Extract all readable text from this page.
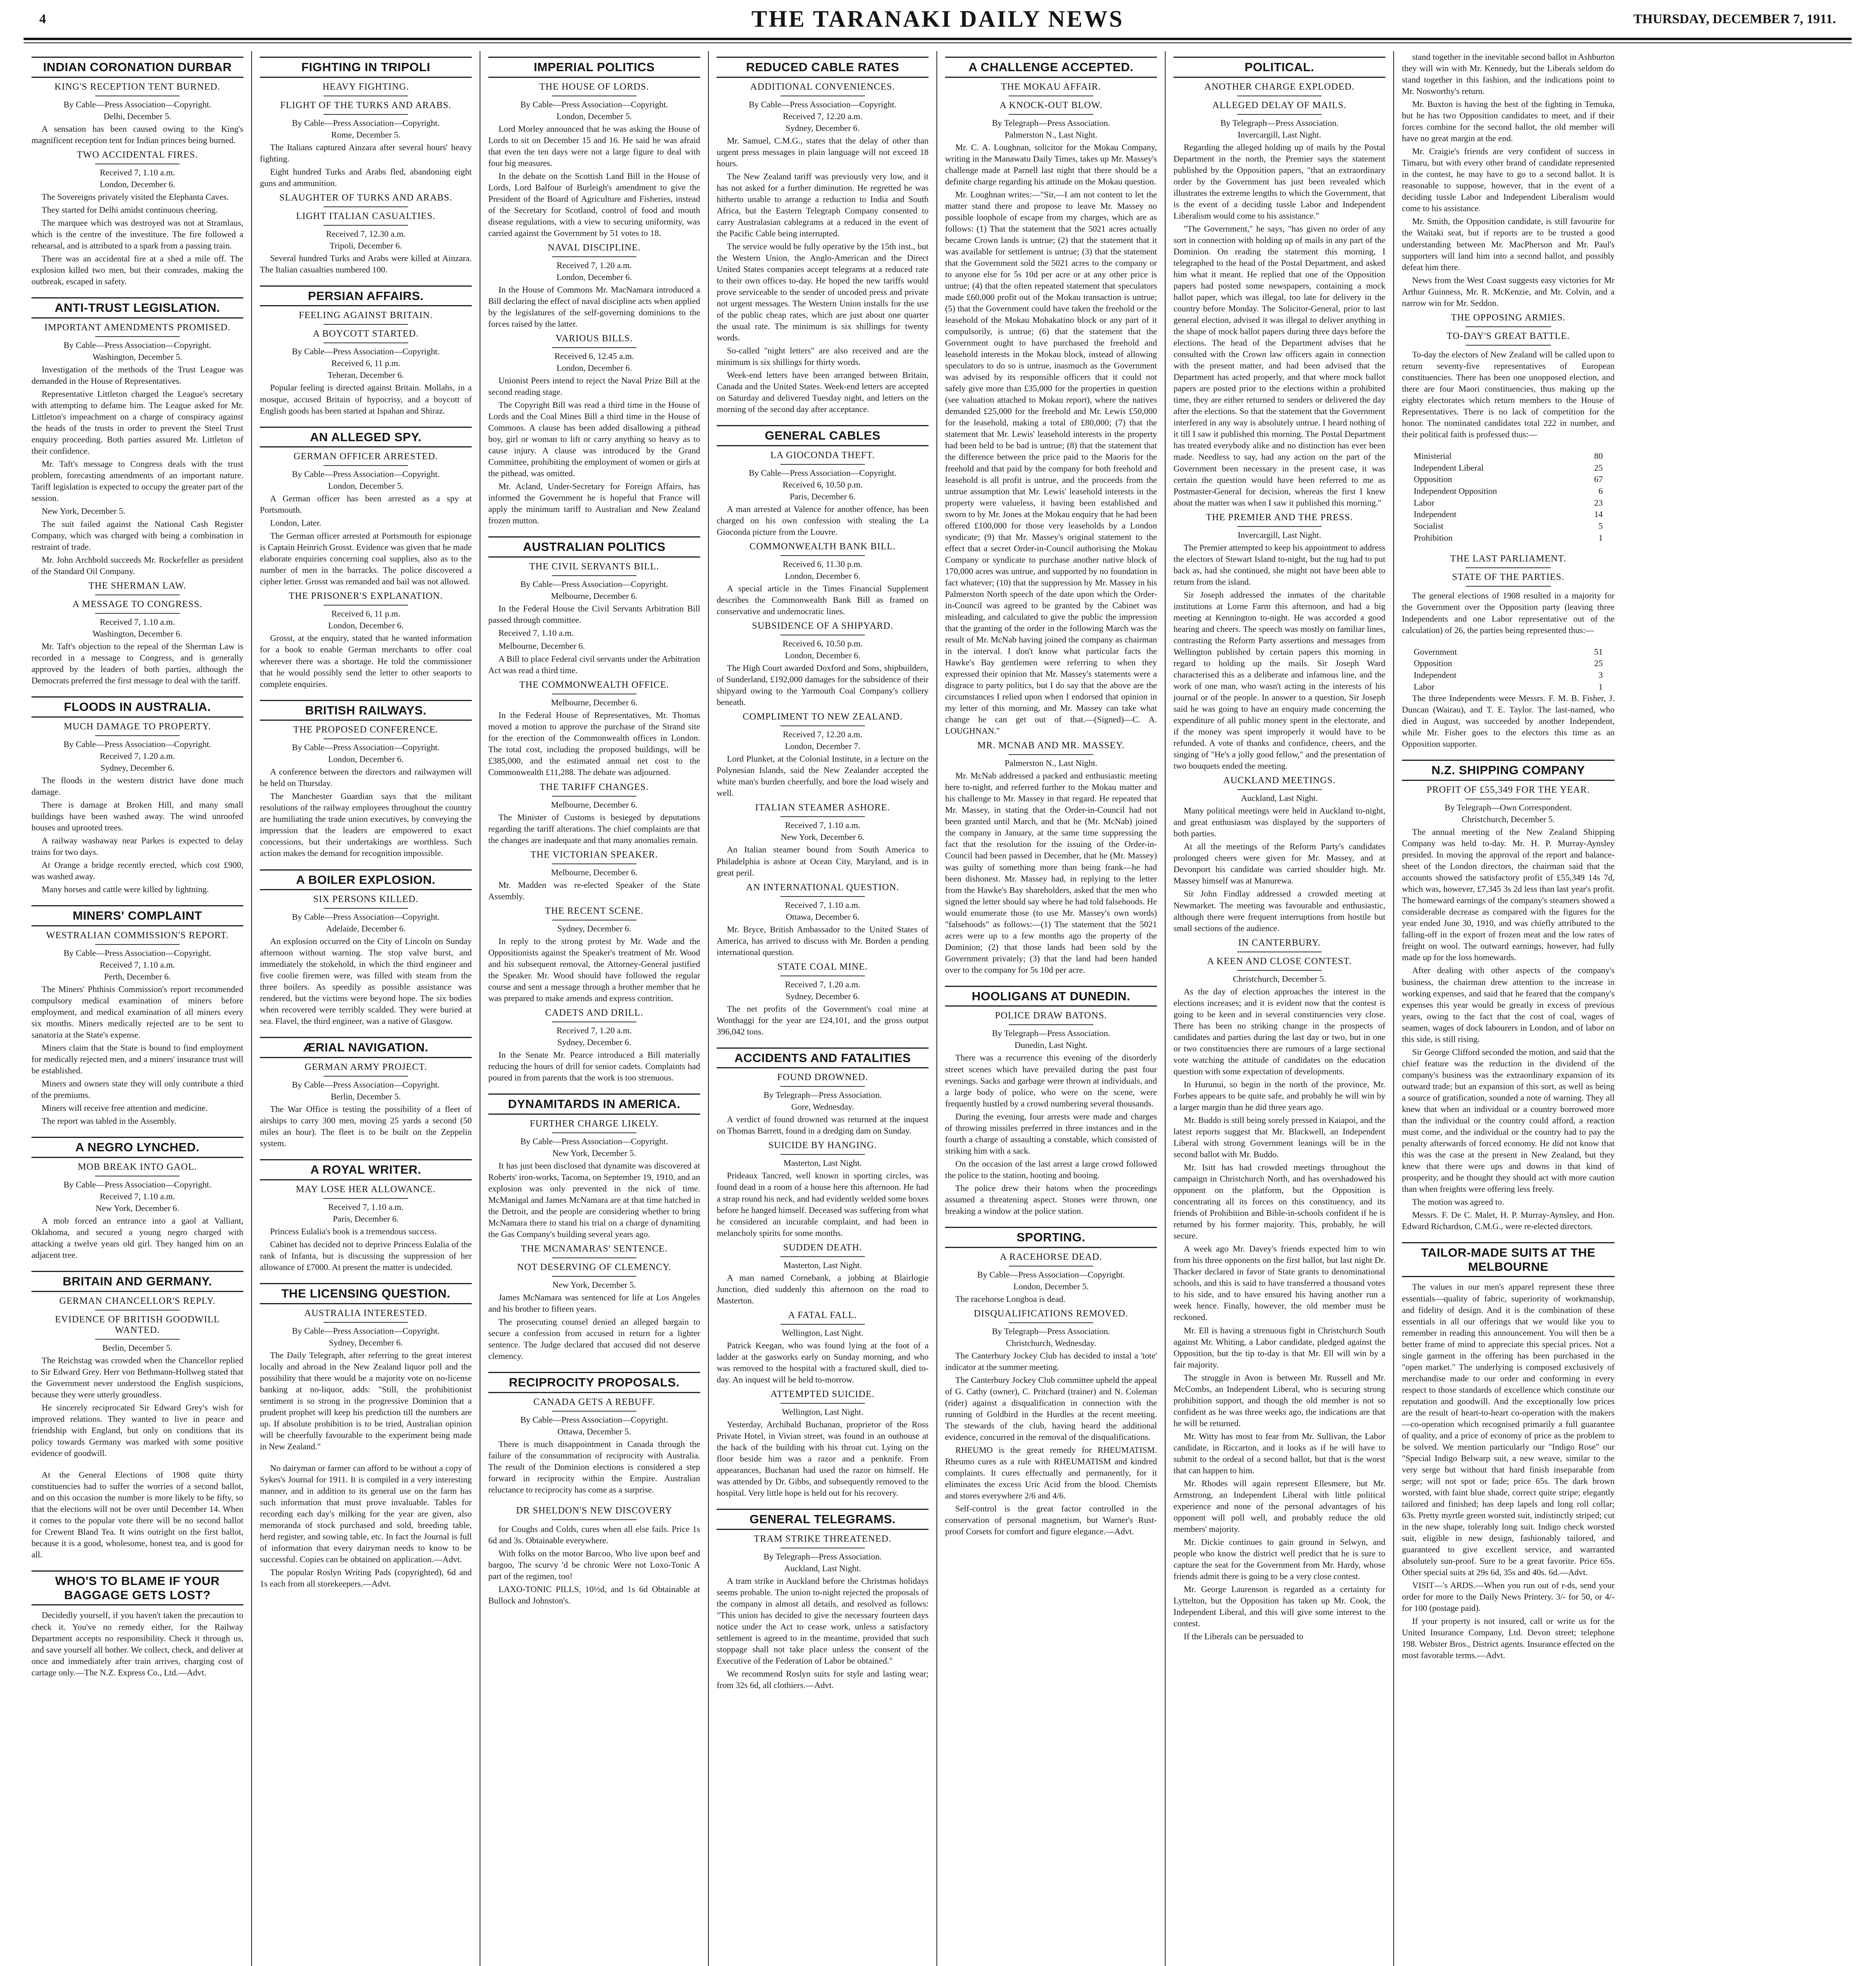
4	THE TARANAKI DAILY NEWS	THURSDAY, DECEMBER 7, 1911.
INDIAN CORONATION DURBAR
KING'S RECEPTION TENT BURNED.
By Cable—Press Association—Copyright.
Delhi, December 5.

A sensation has been caused owing to the King's magnificent reception tent for Indian princes being burned.

TWO ACCIDENTAL FIRES.
Received 7, 1.10 a.m.
London, December 6.

The Sovereigns privately visited the Elephanta Caves.

They started for Delhi amidst continuous cheering.

The marquee which was destroyed was not at Stramlaus, which is the centre of the investiture. The fire followed a rehearsal, and is attributed to a spark from a passing train.

There was an accidental fire at a shed a mile off. The explosion killed two men, but their comrades, making the outbreak, escaped in safety.

ANTI-TRUST LEGISLATION.
IMPORTANT AMENDMENTS PROMISED.
By Cable—Press Association—Copyright.
Washington, December 5.

Investigation of the methods of the Trust League was demanded in the House of Representatives.

Representative Littleton charged the League's secretary with attempting to defame him. The League asked for Mr. Littleton's impeachment on a charge of conspiracy against the heads of the trusts in order to prevent the Steel Trust enquiry proceeding. Both parties assured Mr. Littleton of their confidence.

Mr. Taft's message to Congress deals with the trust problem, forecasting amendments of an important nature. Tariff legislation is expected to occupy the greater part of the session.

New York, December 5.

The suit failed against the National Cash Register Company, which was charged with being a combination in restraint of trade.

Mr. John Archbold succeeds Mr. Rockefeller as president of the Standard Oil Company.

THE SHERMAN LAW.
A MESSAGE TO CONGRESS.
Received 7, 1.10 a.m.
Washington, December 6.

Mr. Taft's objection to the repeal of the Sherman Law is recorded in a message to Congress, and is generally approved by the leaders of both parties, although the Democrats preferred the first message to deal with the tariff.

FLOODS IN AUSTRALIA.
MUCH DAMAGE TO PROPERTY.
By Cable—Press Association—Copyright.
Received 7, 1.20 a.m.
Sydney, December 6.

The floods in the western district have done much damage.

There is damage at Broken Hill, and many small buildings have been washed away. The wind unroofed houses and uprooted trees.

A railway washaway near Parkes is expected to delay trains for two days.

At Orange a bridge recently erected, which cost £900, was washed away.

Many horses and cattle were killed by lightning.

MINERS' COMPLAINT
WESTRALIAN COMMISSION'S REPORT.
By Cable—Press Association—Copyright.
Received 7, 1.10 a.m.
Perth, December 6.

The Miners' Phthisis Commission's report recommended compulsory medical examination of miners before employment, and medical examination of all miners every six months. Miners medically rejected are to be sent to sanatoria at the State's expense.

Miners claim that the State is bound to find employment for medically rejected men, and a miners' insurance trust will be established.

Miners and owners state they will only contribute a third of the premiums.

Miners will receive free attention and medicine.

The report was tabled in the Assembly.

A NEGRO LYNCHED.
MOB BREAK INTO GAOL.
By Cable—Press Association—Copyright.
Received 7, 1.10 a.m.
New York, December 6.

A mob forced an entrance into a gaol at Valliant, Oklahoma, and secured a young negro charged with attacking a twelve years old girl. They hanged him on an adjacent tree.

BRITAIN AND GERMANY.
GERMAN CHANCELLOR'S REPLY.
EVIDENCE OF BRITISH GOODWILL WANTED.
Berlin, December 5.

The Reichstag was crowded when the Chancellor replied to Sir Edward Grey. Herr von Bethmann-Hollweg stated that the Government never understood the English suspicions, because they were utterly groundless.

He sincerely reciprocated Sir Edward Grey's wish for improved relations. They wanted to live in peace and friendship with England, but only on conditions that its policy towards Germany was marked with some positive evidence of goodwill.

At the General Elections of 1908 quite thirty constituencies had to suffer the worries of a second ballot, and on this occasion the number is more likely to be fifty, so that the elections will not be over until December 14. When it comes to the popular vote there will be no second ballot for Crewent Bland Tea. It wins outright on the first ballot, because it is a good, wholesome, honest tea, and is good for all.

WHO'S TO BLAME IF YOUR BAGGAGE GETS LOST?

Decidedly yourself, if you haven't taken the precaution to check it. You've no remedy either, for the Railway Department accepts no responsibility. Check it through us, and save yourself all bother. We collect, check, and deliver at once and immediately after train arrives, charging cost of cartage only.—The N.Z. Express Co., Ltd.—Advt.

FIGHTING IN TRIPOLI
HEAVY FIGHTING.
FLIGHT OF THE TURKS AND ARABS.
By Cable—Press Association—Copyright.
Rome, December 5.

The Italians captured Ainzara after several hours' heavy fighting.

Eight hundred Turks and Arabs fled, abandoning eight guns and ammunition.

SLAUGHTER OF TURKS AND ARABS.
LIGHT ITALIAN CASUALTIES.
Received 7, 12.30 a.m.
Tripoli, December 6.

Several hundred Turks and Arabs were killed at Ainzara. The Italian casualties numbered 100.

PERSIAN AFFAIRS.
FEELING AGAINST BRITAIN.
A BOYCOTT STARTED.
By Cable—Press Association—Copyright.
Received 6, 11 p.m.
Teheran, December 6.

Popular feeling is directed against Britain. Mollahs, in a mosque, accused Britain of hypocrisy, and a boycott of English goods has been started at Ispahan and Shiraz.

AN ALLEGED SPY.
GERMAN OFFICER ARRESTED.
By Cable—Press Association—Copyright.
London, December 5.

A German officer has been arrested as a spy at Portsmouth.

London, Later.

The German officer arrested at Portsmouth for espionage is Captain Heinrich Grosst. Evidence was given that he made elaborate enquiries concerning coal supplies, also as to the number of men in the barracks. The police discovered a cipher letter. Grosst was remanded and bail was not allowed.

THE PRISONER'S EXPLANATION.
Received 6, 11 p.m.
London, December 6.

Grosst, at the enquiry, stated that he wanted information for a book to enable German merchants to offer coal wherever there was a shortage. He told the commissioner that he would possibly send the letter to other seaports to complete enquiries.

BRITISH RAILWAYS.
THE PROPOSED CONFERENCE.
By Cable—Press Association—Copyright.
London, December 6.

A conference between the directors and railwaymen will be held on Thursday.

The Manchester Guardian says that the militant resolutions of the railway employees throughout the country are humiliating the trade union executives, by conveying the impression that the leaders are empowered to exact concessions, but their undertakings are worthless. Such action makes the demand for recognition impossible.

A BOILER EXPLOSION.
SIX PERSONS KILLED.
By Cable—Press Association—Copyright.
Adelaide, December 6.

An explosion occurred on the City of Lincoln on Sunday afternoon without warning. The stop valve burst, and immediately the stokehold, in which the third engineer and five coolie firemen were, was filled with steam from the three boilers. As speedily as possible assistance was rendered, but the victims were beyond hope. The six bodies when recovered were terribly scalded. They were buried at sea. Flavel, the third engineer, was a native of Glasgow.

ÆRIAL NAVIGATION.
GERMAN ARMY PROJECT.
By Cable—Press Association—Copyright.
Berlin, December 5.

The War Office is testing the possibility of a fleet of airships to carry 300 men, moving 25 yards a second (50 miles an hour). The fleet is to be built on the Zeppelin system.

A ROYAL WRITER.
MAY LOSE HER ALLOWANCE.
Received 7, 1.10 a.m.
Paris, December 6.

Princess Eulalia's book is a tremendous success.

Cabinet has decided not to deprive Princess Eulalia of the rank of Infanta, but is discussing the suppression of her allowance of £7000. At present the matter is undecided.

THE LICENSING QUESTION.
AUSTRALIA INTERESTED.
By Cable—Press Association—Copyright.
Sydney, December 6.

The Daily Telegraph, after referring to the great interest locally and abroad in the New Zealand liquor poll and the possibility that there would be a majority vote on no-license banking at no-liquor, adds: "Still, the prohibitionist sentiment is so strong in the progressive Dominion that a prudent prophet will keep his prediction till the numbers are up. If absolute prohibition is to be tried, Australian opinion will be cheerfully favourable to the experiment being made in New Zealand."

No dairyman or farmer can afford to be without a copy of Sykes's Journal for 1911. It is compiled in a very interesting manner, and in addition to its general use on the farm has such information that must prove invaluable. Tables for recording each day's milking for the year are given, also memoranda of stock purchased and sold, breeding table, herd register, and sowing table, etc. In fact the Journal is full of information that every dairyman needs to know to be successful. Copies can be obtained on application.—Advt.

The popular Roslyn Writing Pads (copyrighted), 6d and 1s each from all storekeepers.—Advt.

IMPERIAL POLITICS
THE HOUSE OF LORDS.
By Cable—Press Association—Copyright.
London, December 5.

Lord Morley announced that he was asking the House of Lords to sit on December 15 and 16. He said he was afraid that even the ten days were not a large figure to deal with four big measures.

In the debate on the Scottish Land Bill in the House of Lords, Lord Balfour of Burleigh's amendment to give the President of the Board of Agriculture and Fisheries, instead of the Secretary for Scotland, control of food and mouth disease regulations, with a view to securing uniformity, was carried against the Government by 51 votes to 18.

NAVAL DISCIPLINE.
Received 7, 1.20 a.m.
London, December 6.

In the House of Commons Mr. MacNamara introduced a Bill declaring the effect of naval discipline acts when applied by the legislatures of the self-governing dominions to the forces raised by the latter.

VARIOUS BILLS.
Received 6, 12.45 a.m.
London, December 6.

Unionist Peers intend to reject the Naval Prize Bill at the second reading stage.

The Copyright Bill was read a third time in the House of Lords and the Coal Mines Bill a third time in the House of Commons. A clause has been added disallowing a pithead boy, girl or woman to lift or carry anything so heavy as to cause injury. A clause was introduced by the Grand Committee, prohibiting the employment of women or girls at the pithead, was omitted.

Mr. Acland, Under-Secretary for Foreign Affairs, has informed the Government he is hopeful that France will apply the minimum tariff to Australian and New Zealand frozen mutton.

AUSTRALIAN POLITICS
THE CIVIL SERVANTS BILL.
By Cable—Press Association—Copyright.
Melbourne, December 6.

In the Federal House the Civil Servants Arbitration Bill passed through committee.

Received 7, 1.10 a.m.

Melbourne, December 6.

A Bill to place Federal civil servants under the Arbitration Act was read a third time.

THE COMMONWEALTH OFFICE.
Melbourne, December 6.

In the Federal House of Representatives, Mr. Thomas moved a motion to approve the purchase of the Strand site for the erection of the Commonwealth offices in London. The total cost, including the proposed buildings, will be £385,000, and the estimated annual net cost to the Commonwealth £11,288. The debate was adjourned.

THE TARIFF CHANGES.
Melbourne, December 6.

The Minister of Customs is besieged by deputations regarding the tariff alterations. The chief complaints are that the changes are inadequate and that many anomalies remain.

THE VICTORIAN SPEAKER.
Melbourne, December 6.

Mr. Madden was re-elected Speaker of the State Assembly.

THE RECENT SCENE.
Sydney, December 6.

In reply to the strong protest by Mr. Wade and the Oppositionists against the Speaker's treatment of Mr. Wood and his subsequent removal, the Attorney-General justified the Speaker. Mr. Wood should have followed the regular course and sent a message through a brother member that he was prepared to make amends and express contrition.

CADETS AND DRILL.
Received 7, 1.20 a.m.
Sydney, December 6.

In the Senate Mr. Pearce introduced a Bill materially reducing the hours of drill for senior cadets. Complaints had poured in from parents that the work is too strenuous.

DYNAMITARDS IN AMERICA.
FURTHER CHARGE LIKELY.
By Cable—Press Association—Copyright.
New York, December 5.

It has just been disclosed that dynamite was discovered at Roberts' iron-works, Tacoma, on September 19, 1910, and an explosion was only prevented in the nick of time. McManigal and James McNamara are at that time hatched in the Detroit, and the people are considering whether to bring McNamara there to stand his trial on a charge of dynamiting the Gas Company's building several years ago.

THE MCNAMARAS' SENTENCE.
NOT DESERVING OF CLEMENCY.
New York, December 5.

James McNamara was sentenced for life at Los Angeles and his brother to fifteen years.

The prosecuting counsel denied an alleged bargain to secure a confession from accused in return for a lighter sentence. The Judge declared that accused did not deserve clemency.

RECIPROCITY PROPOSALS.
CANADA GETS A REBUFF.
By Cable—Press Association—Copyright.
Ottawa, December 5.

There is much disappointment in Canada through the failure of the consummation of reciprocity with Australia. The result of the Dominion elections is considered a step forward in reciprocity within the Empire. Australian reluctance to reciprocity has come as a surprise.

DR SHELDON'S NEW DISCOVERY

for Coughs and Colds, cures when all else fails. Price 1s 6d and 3s. Obtainable everywhere.

With folks on the motor Barcoo, Who live upon beef and bargoo, The scurvy 'd be chronic Were not Loxo-Tonic A part of the regimen, too!

LAXO-TONIC PILLS, 10½d, and 1s 6d Obtainable at Bullock and Johnston's.

REDUCED CABLE RATES
ADDITIONAL CONVENIENCES.
By Cable—Press Association—Copyright.
Received 7, 12.20 a.m.
Sydney, December 6.

Mr. Samuel, C.M.G., states that the delay of other than urgent press messages in plain language will not exceed 18 hours.

The New Zealand tariff was previously very low, and it has not asked for a further diminution. He regretted he was hitherto unable to arrange a reduction to India and South Africa, but the Eastern Telegraph Company consented to carry Australasian cablegrams at a reduced in the event of the Pacific Cable being interrupted.

The service would be fully operative by the 15th inst., but the Western Union, the Anglo-American and the Direct United States companies accept telegrams at a reduced rate to their own offices to-day. He hoped the new tariffs would prove serviceable to the sender of uncoded press and private not urgent messages. The Western Union installs for the use of the public cheap rates, which are just about one quarter the usual rate. The minimum is six shillings for twenty words.

So-called "night letters" are also received and are the minimum is six shillings for thirty words.

Week-end letters have been arranged between Britain, Canada and the United States. Week-end letters are accepted on Saturday and delivered Tuesday night, and letters on the morning of the second day after acceptance.

GENERAL CABLES
LA GIOCONDA THEFT.
By Cable—Press Association—Copyright.
Received 6, 10.50 p.m.
Paris, December 6.

A man arrested at Valence for another offence, has been charged on his own confession with stealing the La Gioconda picture from the Louvre.

COMMONWEALTH BANK BILL.
Received 6, 11.30 p.m.
London, December 6.

A special article in the Times Financial Supplement describes the Commonwealth Bank Bill as framed on conservative and undemocratic lines.

SUBSIDENCE OF A SHIPYARD.
Received 6, 10.50 p.m.
London, December 6.

The High Court awarded Doxford and Sons, shipbuilders, of Sunderland, £192,000 damages for the subsidence of their shipyard owing to the Yarmouth Coal Company's colliery beneath.

COMPLIMENT TO NEW ZEALAND.
Received 7, 12.20 a.m.
London, December 7.

Lord Plunket, at the Colonial Institute, in a lecture on the Polynesian Islands, said the New Zealander accepted the white man's burden cheerfully, and bore the load wisely and well.

ITALIAN STEAMER ASHORE.
Received 7, 1.10 a.m.
New York, December 6.

An Italian steamer bound from South America to Philadelphia is ashore at Ocean City, Maryland, and is in great peril.

AN INTERNATIONAL QUESTION.
Received 7, 1.10 a.m.
Ottawa, December 6.

Mr. Bryce, British Ambassador to the United States of America, has arrived to discuss with Mr. Borden a pending international question.

STATE COAL MINE.
Received 7, 1.20 a.m.
Sydney, December 6.

The net profits of the Government's coal mine at Wonthaggi for the year are £24,101, and the gross output 396,042 tons.

ACCIDENTS AND FATALITIES
FOUND DROWNED.
By Telegraph—Press Association.
Gore, Wednesday.

A verdict of found drowned was returned at the inquest on Thomas Barrett, found in a dredging dam on Sunday.

SUICIDE BY HANGING.
Masterton, Last Night.

Prideaux Tancred, well known in sporting circles, was found dead in a room of a house here this afternoon. He had a strap round his neck, and had evidently welded some boxes before he hanged himself. Deceased was suffering from what he considered an incurable complaint, and had been in melancholy spirits for some months.

SUDDEN DEATH.
Masterton, Last Night.

A man named Cornebank, a jobbing at Blairlogie Junction, died suddenly this afternoon on the road to Masterton.

A FATAL FALL.
Wellington, Last Night.

Patrick Keegan, who was found lying at the foot of a ladder at the gasworks early on Sunday morning, and who was removed to the hospital with a fractured skull, died to-day. An inquest will be held to-morrow.

ATTEMPTED SUICIDE.
Wellington, Last Night.

Yesterday, Archibald Buchanan, proprietor of the Ross Private Hotel, in Vivian street, was found in an outhouse at the back of the building with his throat cut. Lying on the floor beside him was a razor and a penknife. From appearances, Buchanan had used the razor on himself. He was attended by Dr. Gibbs, and subsequently removed to the hospital. Very little hope is held out for his recovery.

GENERAL TELEGRAMS.
TRAM STRIKE THREATENED.
By Telegraph—Press Association.
Auckland, Last Night.

A tram strike in Auckland before the Christmas holidays seems probable. The union to-night rejected the proposals of the company in almost all details, and resolved as follows: "This union has decided to give the necessary fourteen days notice under the Act to cease work, unless a satisfactory settlement is agreed to in the meantime, provided that such stoppage shall not take place unless the consent of the Executive of the Federation of Labor be obtained."

We recommend Roslyn suits for style and lasting wear; from 32s 6d, all clothiers.—Advt.

A CHALLENGE ACCEPTED.
THE MOKAU AFFAIR.
A KNOCK-OUT BLOW.
By Telegraph—Press Association.
Palmerston N., Last Night.

Mr. C. A. Loughnan, solicitor for the Mokau Company, writing in the Manawatu Daily Times, takes up Mr. Massey's challenge made at Parnell last night that there should be a definite charge regarding his attitude on the Mokau question.

Mr. Loughnan writes:—"Sir,—I am not content to let the matter stand there and propose to leave Mr. Massey no possible loophole of escape from my charges, which are as follows: (1) That the statement that the 5021 acres actually became Crown lands is untrue; (2) that the statement that it was available for settlement is untrue; (3) that the statement that the Government sold the 5021 acres to the company or to anyone else for 5s 10d per acre or at any other price is untrue; (4) that the often repeated statement that speculators made £60,000 profit out of the Mokau transaction is untrue; (5) that the Government could have taken the freehold or the leasehold of the Mokau Mohakatino block or any part of it compulsorily, is untrue; (6) that the statement that the Government ought to have purchased the freehold and leasehold interests in the Mokau block, instead of allowing speculators to do so is untrue, inasmuch as the Government was advised by its responsible officers that it could not safely give more than £35,000 for the properties in question (see valuation attached to Mokau report), where the natives demanded £25,000 for the freehold and Mr. Lewis £50,000 for the leasehold, making a total of £80,000; (7) that the statement that Mr. Lewis' leasehold interests in the property had been held to be bad is untrue; (8) that the statement that the difference between the price paid to the Maoris for the freehold and that paid by the company for both freehold and leasehold is all profit is untrue, and the proceeds from the untrue assumption that Mr. Lewis' leasehold interests in the property were valueless, it having been established and sworn to by Mr. Jones at the Mokau enquiry that he had been offered £100,000 for those very leaseholds by a London syndicate; (9) that Mr. Massey's original statement to the effect that a secret Order-in-Council authorising the Mokau Company or syndicate to purchase another native block of 170,000 acres was untrue, and supported by no foundation in fact whatever; (10) that the suppression by Mr. Massey in his Palmerston North speech of the date upon which the Order-in-Council was agreed to be granted by the Cabinet was misleading, and calculated to give the public the impression that the granting of the order in the following March was the result of Mr. McNab having joined the company as chairman in the interval. I don't know what particular facts the Hawke's Bay gentlemen were referring to when they expressed their opinion that Mr. Massey's statements were a disgrace to party politics, but I do say that the above are the circumstances I relied upon when I endorsed that opinion in my letter of this morning, and Mr. Massey can take what change he can get out of that.—(Signed)—C. A. LOUGHNAN."

MR. MCNAB AND MR. MASSEY.
Palmerston N., Last Night.

Mr. McNab addressed a packed and enthusiastic meeting here to-night, and referred further to the Mokau matter and his challenge to Mr. Massey in that regard. He repeated that Mr. Massey, in stating that the Order-in-Council had not been granted until March, and that he (Mr. McNab) joined the company in January, at the same time suppressing the fact that the resolution for the issuing of the Order-in-Council had been passed in December, that he (Mr. Massey) was guilty of something more than being frank—he had been dishonest. Mr. Massey had, in replying to the letter from the Hawke's Bay shareholders, asked that the men who signed the letter should say where he had told falsehoods. He would enumerate those (to use Mr. Massey's own words) "falsehoods" as follows:—(1) The statement that the 5021 acres were up to a few months ago the property of the Dominion; (2) that those lands had been sold by the Government privately; (3) that the land had been handed over to the company for 5s 10d per acre.

HOOLIGANS AT DUNEDIN.
POLICE DRAW BATONS.
By Telegraph—Press Association.
Dunedin, Last Night.

There was a recurrence this evening of the disorderly street scenes which have prevailed during the past four evenings. Sacks and garbage were thrown at individuals, and a large body of police, who were on the scene, were frequently hustled by a crowd numbering several thousands.

During the evening, four arrests were made and charges of throwing missiles preferred in three instances and in the fourth a charge of assaulting a constable, which consisted of striking him with a sack.

On the occasion of the last arrest a large crowd followed the police to the station, hooting and booing.

The police drew their batons when the proceedings assumed a threatening aspect. Stones were thrown, one breaking a window at the police station.

SPORTING.
A RACEHORSE DEAD.
By Cable—Press Association—Copyright.
London, December 5.

The racehorse Longboa is dead.

DISQUALIFICATIONS REMOVED.
By Telegraph—Press Association.
Christchurch, Wednesday.

The Canterbury Jockey Club has decided to instal a 'tote' indicator at the summer meeting.

The Canterbury Jockey Club committee upheld the appeal of G. Cathy (owner), C. Pritchard (trainer) and N. Coleman (rider) against a disqualification in connection with the running of Goldbird in the Hurdles at the recent meeting. The stewards of the club, having heard the additional evidence, concurred in the removal of the disqualifications.

RHEUMO is the great remedy for RHEUMATISM. Rheumo cures as a rule with RHEUMATISM and kindred complaints. It cures effectually and permanently, for it eliminates the excess Uric Acid from the blood. Chemists and stores everywhere 2/6 and 4/6.

Self-control is the great factor controlled in the conservation of personal magnetism, but Warner's Rust-proof Corsets for comfort and figure elegance.—Advt.

POLITICAL.
ANOTHER CHARGE EXPLODED.
ALLEGED DELAY OF MAILS.
By Telegraph—Press Association.
Invercargill, Last Night.

Regarding the alleged holding up of mails by the Postal Department in the north, the Premier says the statement published by the Opposition papers, "that an extraordinary order by the Government has just been revealed which illustrates the extreme lengths to which the Government, that is the event of a deciding tussle Labor and Independent Liberalism would come to his assistance."

"The Government," he says, "has given no order of any sort in connection with holding up of mails in any part of the Dominion. On reading the statement this morning, I telegraphed to the head of the Postal Department, and asked him what it meant. He replied that one of the Opposition papers had posted some newspapers, containing a mock ballot paper, which was illegal, too late for delivery in the country before Monday. The Solicitor-General, prior to last general election, advised it was illegal to deliver anything in the shape of mock ballot papers during three days before the elections. The head of the Department advises that he consulted with the Crown law officers again in connection with the present matter, and had been advised that the Department has acted properly, and that where mock ballot papers are posted prior to the elections within a prohibited time, they are either returned to senders or delivered the day after the elections. So that the statement that the Government interfered in any way is absolutely untrue. I heard nothing of it till I saw it published this morning. The Postal Department has treated everybody alike and no distinction has ever been made. Needless to say, had any action on the part of the Government been necessary in the present case, it was certain the question would have been referred to me as Postmaster-General for decision, whereas the first I knew about the matter was when I saw it published this morning."

THE PREMIER AND THE PRESS.
Invercargill, Last Night.

The Premier attempted to keep his appointment to address the electors of Stewart Island to-night, but the tug had to put back as, had she continued, she might not have been able to return from the island.

Sir Joseph addressed the inmates of the charitable institutions at Lorne Farm this afternoon, and had a big meeting at Kennington to-night. He was accorded a good hearing and cheers. The speech was mostly on familiar lines, contrasting the Reform Party assertions and messages from Wellington published by certain papers this morning in regard to holding up the mails. Sir Joseph Ward characterised this as a deliberate and infamous line, and the work of one man, who wasn't acting in the interests of his journal or of the people. In answer to a question, Sir Joseph said he was going to have an enquiry made concerning the expenditure of all public money spent in the electorate, and if the money was spent improperly it would have to be refunded. A vote of thanks and confidence, cheers, and the singing of "He's a jolly good fellow," and the presentation of two bouquets ended the meeting.

AUCKLAND MEETINGS.
Auckland, Last Night.

Many political meetings were held in Auckland to-night, and great enthusiasm was displayed by the supporters of both parties.

At all the meetings of the Reform Party's candidates prolonged cheers were given for Mr. Massey, and at Devonport his candidate was carried shoulder high. Mr. Massey himself was at Manurewa.

Sir John Findlay addressed a crowded meeting at Newmarket. The meeting was favourable and enthusiastic, although there were frequent interruptions from hostile but small sections of the audience.

IN CANTERBURY.
A KEEN AND CLOSE CONTEST.
Christchurch, December 5.

As the day of election approaches the interest in the elections increases; and it is evident now that the contest is going to be keen and in several constituencies very close. There has been no striking change in the prospects of candidates and parties during the last day or two, but in one or two constituencies there are rumours of a large sectional vote watching the attitude of candidates on the education question with some expectation of developments.

In Hurunui, so begin in the north of the province, Mr. Forbes appears to be quite safe, and probably he will win by a larger margin than he did three years ago.

Mr. Buddo is still being sorely pressed in Kaiapoi, and the latest reports suggest that Mr. Blackwell, an Independent Liberal with strong Government leanings will be in the second ballot with Mr. Buddo.

Mr. Isitt has had crowded meetings throughout the campaign in Christchurch North, and has overshadowed his opponent on the platform, but the Opposition is concentrating all its forces on this constituency, and its friends of Prohibition and Bible-in-schools confident if he is returned by his former majority. This, probably, he will secure.

A week ago Mr. Davey's friends expected him to win from his three opponents on the first ballot, but last night Dr. Thacker declared in favor of State grants to denominational schools, and this is said to have transferred a thousand votes to his side, and to have ensured his having another run a week hence. Finally, however, the old member must be reckoned.

Mr. Ell is having a strenuous fight in Christchurch South against Mr. Whiting, a Labor candidate, pledged against the Opposition, but the tip to-day is that Mr. Ell will win by a fair majority.

The struggle in Avon is between Mr. Russell and Mr. McCombs, an Independent Liberal, who is securing strong prohibition support, and though the old member is not so confident as he was three weeks ago, the indications are that he will be returned.

Mr. Witty has most to fear from Mr. Sullivan, the Labor candidate, in Riccarton, and it looks as if he will have to submit to the ordeal of a second ballot, but that is the worst that can happen to him.

Mr. Rhodes will again represent Ellesmere, but Mr. Armstrong, an Independent Liberal with little political experience and none of the personal advantages of his opponent will poll well, and probably reduce the old members' majority.

Mr. Dickie continues to gain ground in Selwyn, and people who know the district well predict that he is sure to capture the seat for the Government from Mr. Hardy, whose friends admit there is going to be a very close contest.

Mr. George Laurenson is regarded as a certainty for Lyttelton, but the Opposition has taken up Mr. Cook, the Independent Liberal, and this will give some interest to the contest.

If the Liberals can be persuaded to

stand together in the inevitable second ballot in Ashburton they will win with Mr. Kennedy, but the Liberals seldom do stand together in this fashion, and the indications point to Mr. Nosworthy's return.

Mr. Buxton is having the best of the fighting in Temuka, but he has two Opposition candidates to meet, and if their forces combine for the second ballot, the old member will have no great margin at the end.

Mr. Craigie's friends are very confident of success in Timaru, but with every other brand of candidate represented in the contest, he may have to go to a second ballot. It is reasonable to suppose, however, that in the event of a deciding tussle Labor and Independent Liberalism would come to his assistance.

Mr. Smith, the Opposition candidate, is still favourite for the Waitaki seat, but if reports are to be trusted a good understanding between Mr. MacPherson and Mr. Paul's supporters will land him into a second ballot, and possibly defeat him there.

News from the West Coast suggests easy victories for Mr Arthur Guinness, Mr. R. McKenzie, and Mr. Colvin, and a narrow win for Mr. Seddon.

THE OPPOSING ARMIES.
TO-DAY'S GREAT BATTLE.

To-day the electors of New Zealand will be called upon to return seventy-five representatives of European constituencies. There has been one unopposed election, and there are four Maori constituencies, thus making up the eighty electorates which return members to the House of Representatives. There is no lack of competition for the honor. The nominated candidates total 222 in number, and their political faith is professed thus:—

Ministerial	80
Independent Liberal	25
Opposition	67
Independent Opposition	6
Labor	23
Independent	14
Socialist	5
Prohibition	1
THE LAST PARLIAMENT.
STATE OF THE PARTIES.

The general elections of 1908 resulted in a majority for the Government over the Opposition party (leaving three Independents and one Labor representative out of the calculation) of 26, the parties being represented thus:—

Government	51
Opposition	25
Independent	3
Labor	1

The three Independents were Messrs. F. M. B. Fisher, J. Duncan (Wairau), and T. E. Taylor. The last-named, who died in August, was succeeded by another Independent, while Mr. Fisher goes to the electors this time as an Opposition supporter.

N.Z. SHIPPING COMPANY
PROFIT OF £55,349 FOR THE YEAR.
By Telegraph—Own Correspondent.
Christchurch, December 5.

The annual meeting of the New Zealand Shipping Company was held to-day. Mr. H. P. Murray-Aynsley presided. In moving the approval of the report and balance-sheet of the London directors, the chairman said that the accounts showed the satisfactory profit of £55,349 14s 7d, which was, however, £7,345 3s 2d less than last year's profit. The homeward earnings of the company's steamers showed a considerable decrease as compared with the figures for the year ended June 30, 1910, and was chiefly attributed to the falling-off in the export of frozen meat and the low rates of freight on wool. The outward earnings, however, had fully made up for the loss homewards.

After dealing with other aspects of the company's business, the chairman drew attention to the increase in working expenses, and said that he feared that the company's expenses this year would be greatly in excess of previous years, owing to the fact that the cost of coal, wages of seamen, wages of dock labourers in London, and of labor on this side, is still rising.

Sir George Clifford seconded the motion, and said that the chief feature was the reduction in the dividend of the company's business was the extraordinary expansion of its outward trade; but an expansion of this sort, as well as being a source of gratification, sounded a note of warning. They all knew that when an individual or a country borrowed more than the individual or the country could afford, a reaction must come, and the individual or the country had to pay the penalty afterwards of forced economy. He did not know that this was the case at the present in New Zealand, but they knew that there were ups and downs in that kind of prosperity, and he thought they should act with more caution than when freights were offering less freely.

The motion was agreed to.

Messrs. F. De C. Malet, H. P. Murray-Aynsley, and Hon. Edward Richardson, C.M.G., were re-elected directors.

TAILOR-MADE SUITS AT THE MELBOURNE

The values in our men's apparel represent these three essentials—quality of fabric, superiority of workmanship, and fidelity of design. And it is the combination of these essentials in all our offerings that we would like you to remember in reading this announcement. You will then be a better frame of mind to appreciate this special prices. Not a single garment in the offering has been purchased in the "open market." The underlying is composed exclusively of merchandise made to our order and conforming in every respect to those standards of excellence which constitute our reputation and goodwill. And the exceptionally low prices are the result of heart-to-heart co-operation with the makers—co-operation which recognised primarily a full guarantee of quality, and a price of economy of price as the problem to be solved. We mention particularly our "Indigo Rose" our "Special Indigo Belwarp suit, a new weave, similar to the very serge but without that hard finish inseparable from serge; will not spot or fade; price 65s. The dark brown worsted, with faint blue shade, correct quite stripe; elegantly tailored and finished; has deep lapels and long roll collar; 63s. Pretty myrtle green worsted suit, indistinctly striped; cut in the new shape, tolerably long suit. Indigo check worsted suit, eligible in new design, fashionably tailored, and guaranteed to give excellent service, and warranted absolutely sun-proof. Sure to be a great favorite. Price 65s. Other special suits at 29s 6d, 35s and 40s. 6d.—Advt.

VISIT—'s ARDS.—When you run out of r-ds, send your order for more to the Daily News Printery. 3/- for 50, or 4/- for 100 (postage paid).

If your property is not insured, call or write us for the United Insurance Company, Ltd. Devon street; telephone 198. Webster Bros., District agents. Insurance effected on the most favorable terms.—Advt.
